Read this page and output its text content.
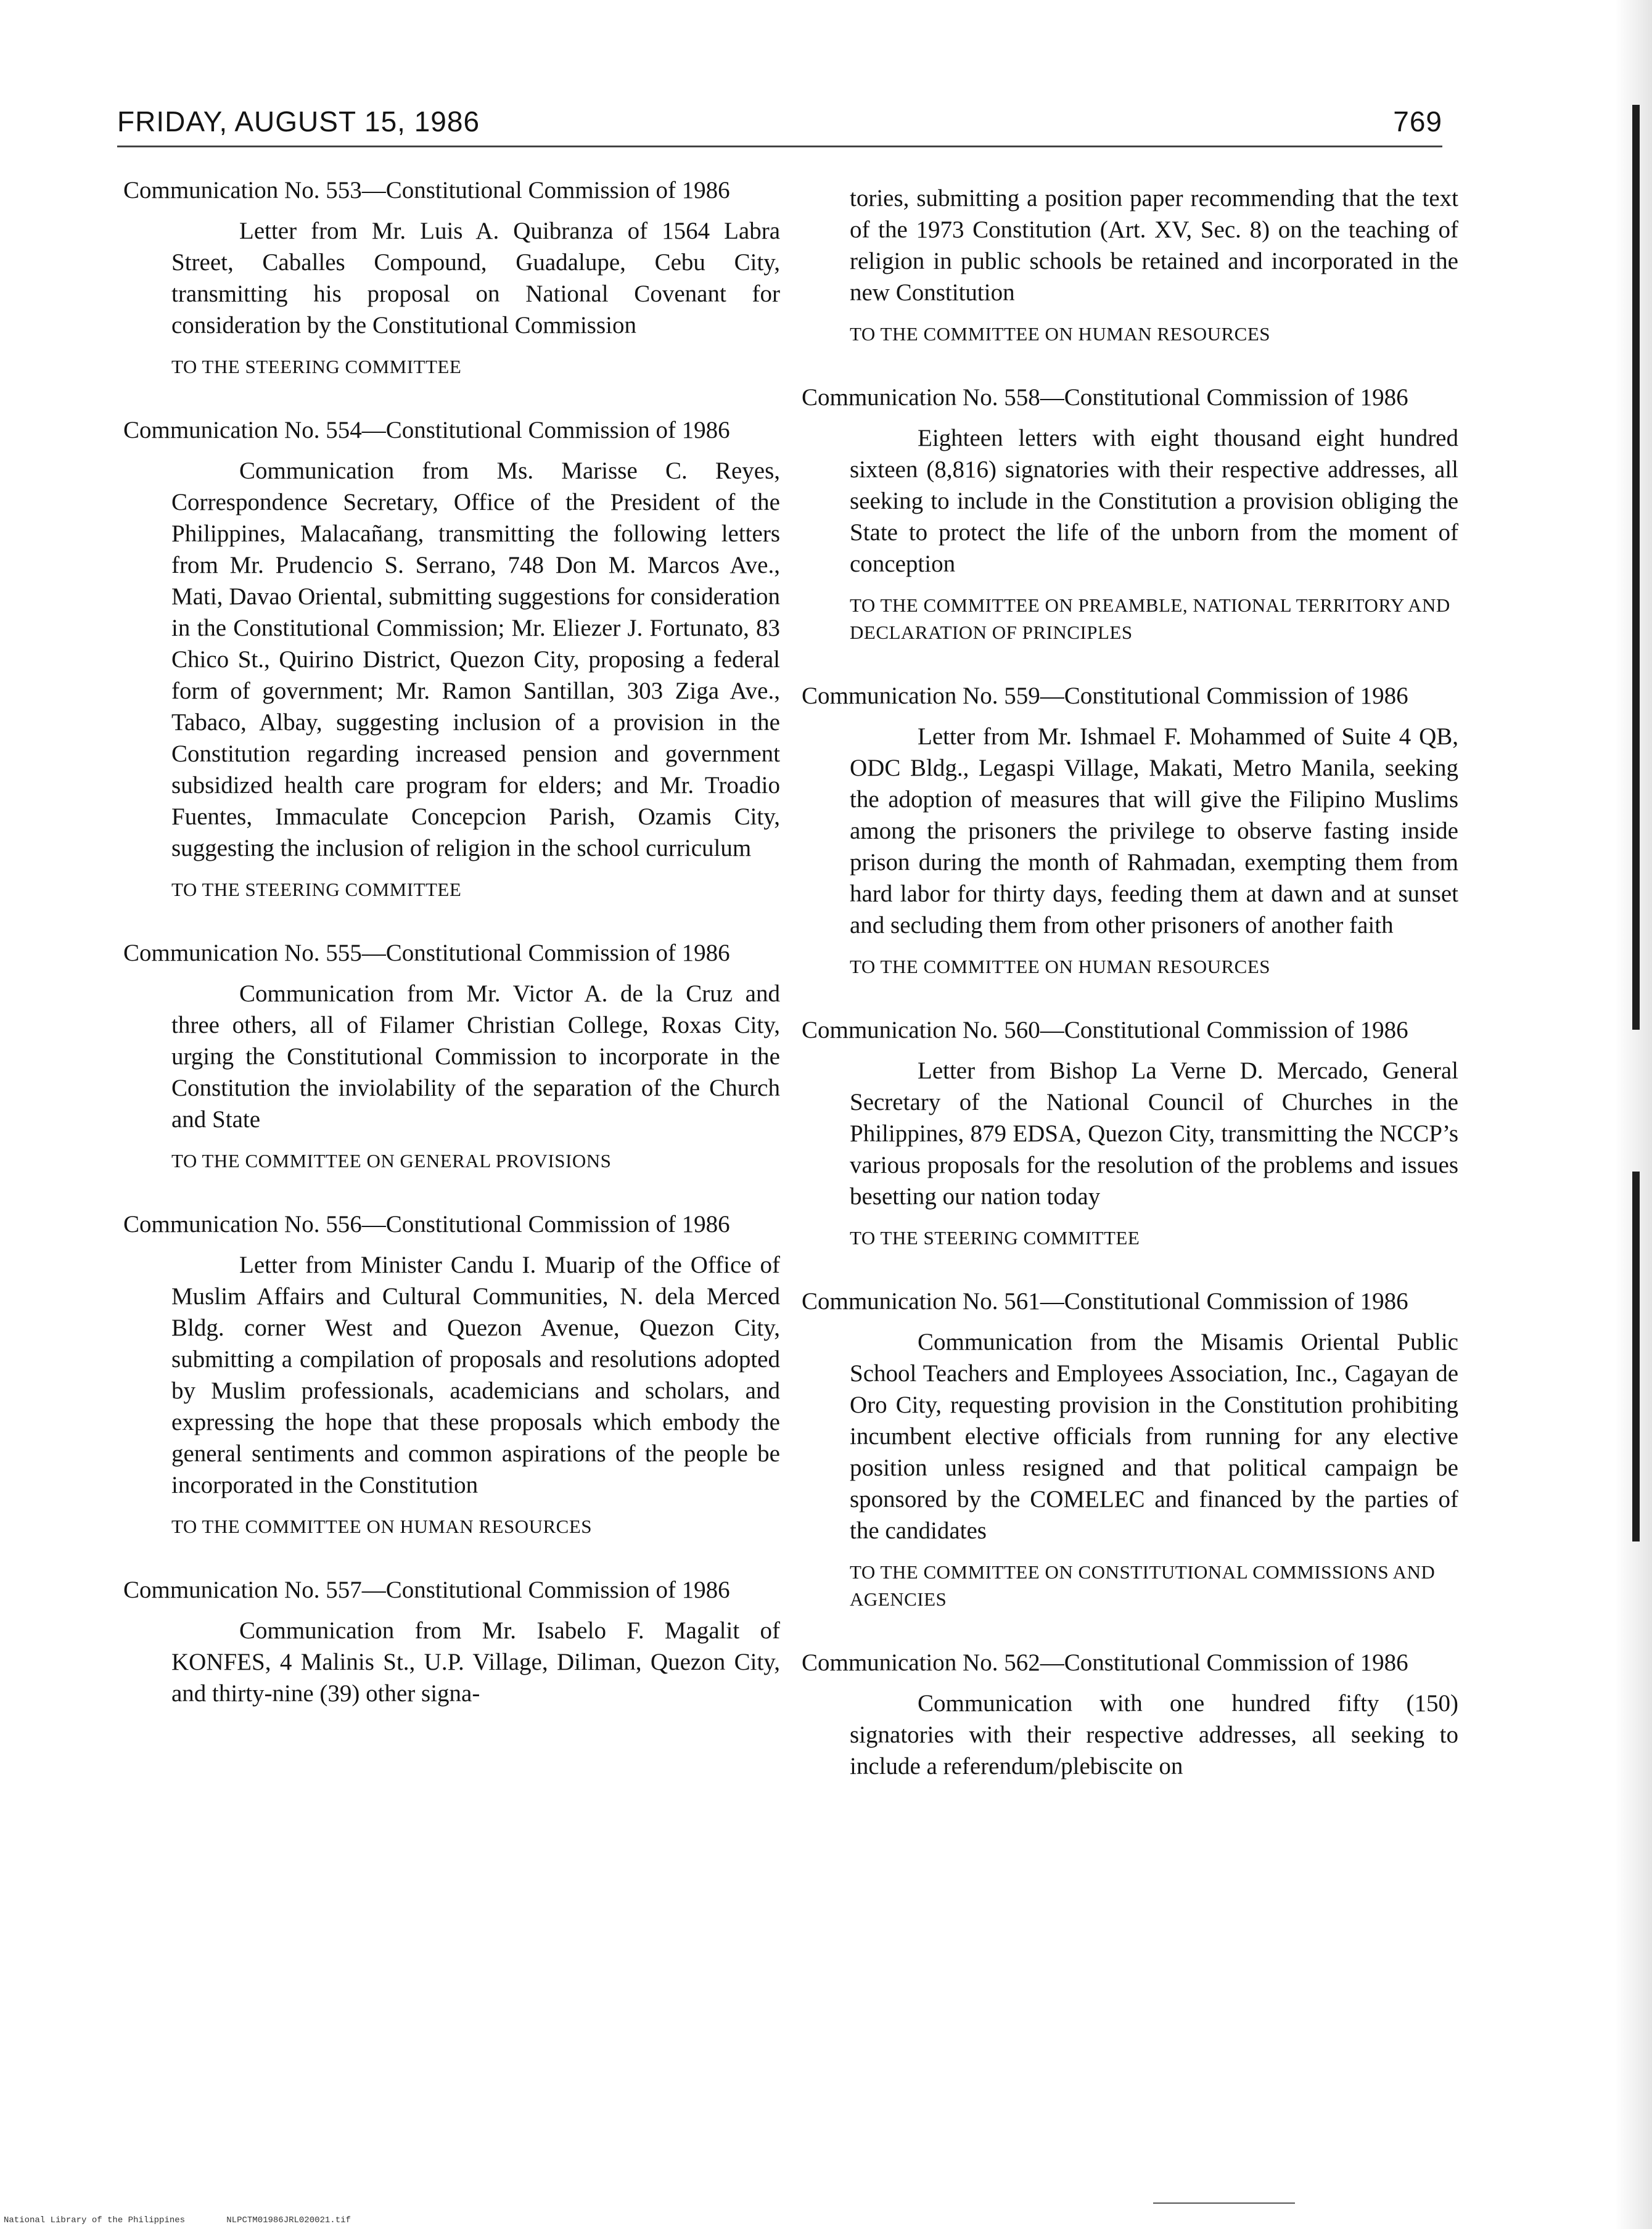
FRIDAY, AUGUST 15, 1986	769

Communication No. 553—Constitutional Commission of 1986

Letter from Mr. Luis A. Quibranza of 1564 Labra Street, Caballes Compound, Guadalupe, Cebu City, transmitting his proposal on National Covenant for consideration by the Constitutional Commission

TO THE STEERING COMMITTEE

Communication No. 554—Constitutional Commission of 1986

Communication from Ms. Marisse C. Reyes, Correspondence Secretary, Office of the President of the Philippines, Malacañang, transmitting the following letters from Mr. Prudencio S. Serrano, 748 Don M. Marcos Ave., Mati, Davao Oriental, submitting suggestions for consideration in the Constitutional Commission; Mr. Eliezer J. Fortunato, 83 Chico St., Quirino District, Quezon City, proposing a federal form of government; Mr. Ramon Santillan, 303 Ziga Ave., Tabaco, Albay, suggesting inclusion of a provision in the Constitution regarding increased pension and government subsidized health care program for elders; and Mr. Troadio Fuentes, Immaculate Concepcion Parish, Ozamis City, suggesting the inclusion of religion in the school curriculum

TO THE STEERING COMMITTEE

Communication No. 555—Constitutional Commission of 1986

Communication from Mr. Victor A. de la Cruz and three others, all of Filamer Christian College, Roxas City, urging the Constitutional Commission to incorporate in the Constitution the inviolability of the separation of the Church and State

TO THE COMMITTEE ON GENERAL PROVISIONS

Communication No. 556—Constitutional Commission of 1986

Letter from Minister Candu I. Muarip of the Office of Muslim Affairs and Cultural Communities, N. dela Merced Bldg. corner West and Quezon Avenue, Quezon City, submitting a compilation of proposals and resolutions adopted by Muslim professionals, academicians and scholars, and expressing the hope that these proposals which embody the general sentiments and common aspirations of the people be incorporated in the Constitution

TO THE COMMITTEE ON HUMAN RESOURCES

Communication No. 557—Constitutional Commission of 1986

Communication from Mr. Isabelo F. Magalit of KONFES, 4 Malinis St., U.P. Village, Diliman, Quezon City, and thirty-nine (39) other signa-

tories, submitting a position paper recommending that the text of the 1973 Constitution (Art. XV, Sec. 8) on the teaching of religion in public schools be retained and incorporated in the new Constitution

TO THE COMMITTEE ON HUMAN RESOURCES

Communication No. 558—Constitutional Commission of 1986

Eighteen letters with eight thousand eight hundred sixteen (8,816) signatories with their respective addresses, all seeking to include in the Constitution a provision obliging the State to protect the life of the unborn from the moment of conception

TO THE COMMITTEE ON PREAMBLE, NATIONAL TERRITORY AND DECLARATION OF PRINCIPLES

Communication No. 559—Constitutional Commission of 1986

Letter from Mr. Ishmael F. Mohammed of Suite 4 QB, ODC Bldg., Legaspi Village, Makati, Metro Manila, seeking the adoption of measures that will give the Filipino Muslims among the prisoners the privilege to observe fasting inside prison during the month of Rahmadan, exempting them from hard labor for thirty days, feeding them at dawn and at sunset and secluding them from other prisoners of another faith

TO THE COMMITTEE ON HUMAN RESOURCES

Communication No. 560—Constitutional Commission of 1986

Letter from Bishop La Verne D. Mercado, General Secretary of the National Council of Churches in the Philippines, 879 EDSA, Quezon City, transmitting the NCCP’s various proposals for the resolution of the problems and issues besetting our nation today

TO THE STEERING COMMITTEE

Communication No. 561—Constitutional Commission of 1986

Communication from the Misamis Oriental Public School Teachers and Employees Association, Inc., Cagayan de Oro City, requesting provision in the Constitution prohibiting incumbent elective officials from running for any elective position unless resigned and that political campaign be sponsored by the COMELEC and financed by the parties of the candidates

TO THE COMMITTEE ON CONSTITUTIONAL COMMISSIONS AND AGENCIES

Communication No. 562—Constitutional Commission of 1986

Communication with one hundred fifty (150) signatories with their respective addresses, all seeking to include a referendum/plebiscite on

National Library of the Philippines	NLPCTM01986JRL020021.tif
